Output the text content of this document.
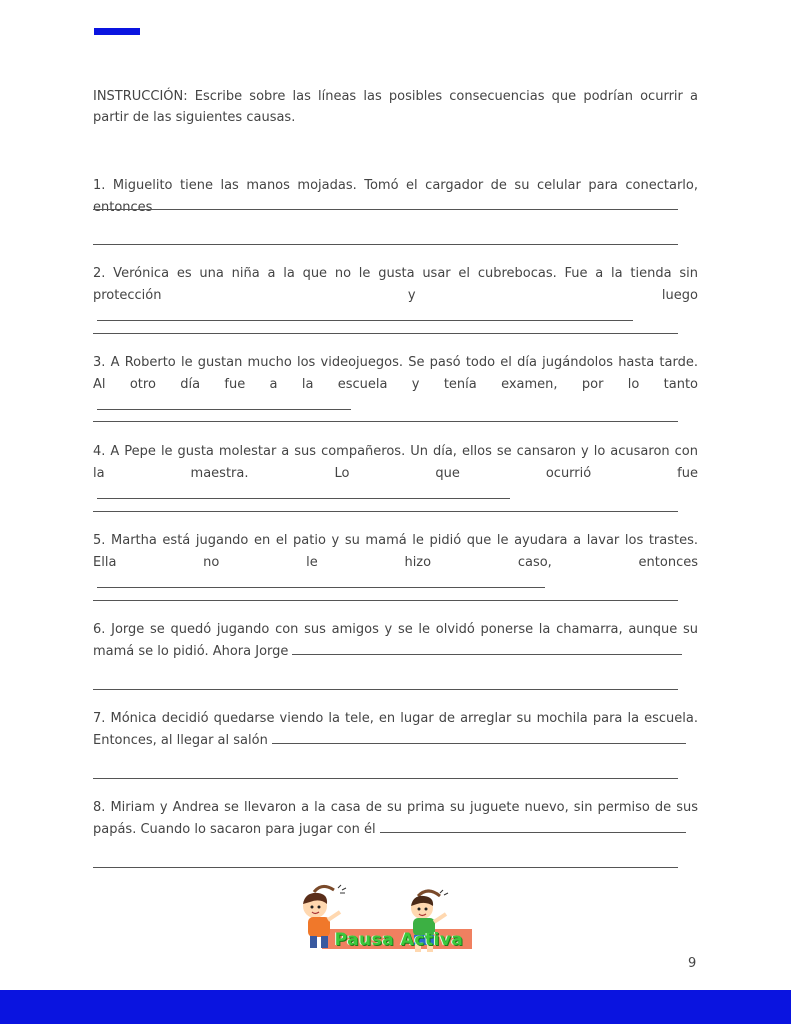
INSTRUCCIÓN: Escribe sobre las líneas las posibles consecuencias que podrían ocurrir a partir de las siguientes causas.
1. Miguelito tiene las manos mojadas. Tomó el cargador de su celular para conectarlo, entonces
2. Verónica es una niña a la que no le gusta usar el cubrebocas. Fue a la tienda sin protección y luego
3. A Roberto le gustan mucho los videojuegos. Se pasó todo el día jugándolos hasta tarde. Al otro día fue a la escuela y tenía examen, por lo tanto
4. A Pepe le gusta molestar a sus compañeros. Un día, ellos se cansaron y lo acusaron con la maestra. Lo que ocurrió fue
5. Martha está jugando en el patio y su mamá le pidió que le ayudara a lavar los trastes. Ella no le hizo caso, entonces
6. Jorge se quedó jugando con sus amigos y se le olvidó ponerse la chamarra, aunque su mamá se lo pidió. Ahora Jorge
7. Mónica decidió quedarse viendo la tele, en lugar de arreglar su mochila para la escuela. Entonces, al llegar al salón
8. Miriam y Andrea se llevaron a la casa de su prima su juguete nuevo, sin permiso de sus papás. Cuando lo sacaron para jugar con él
Pausa Activa
9
